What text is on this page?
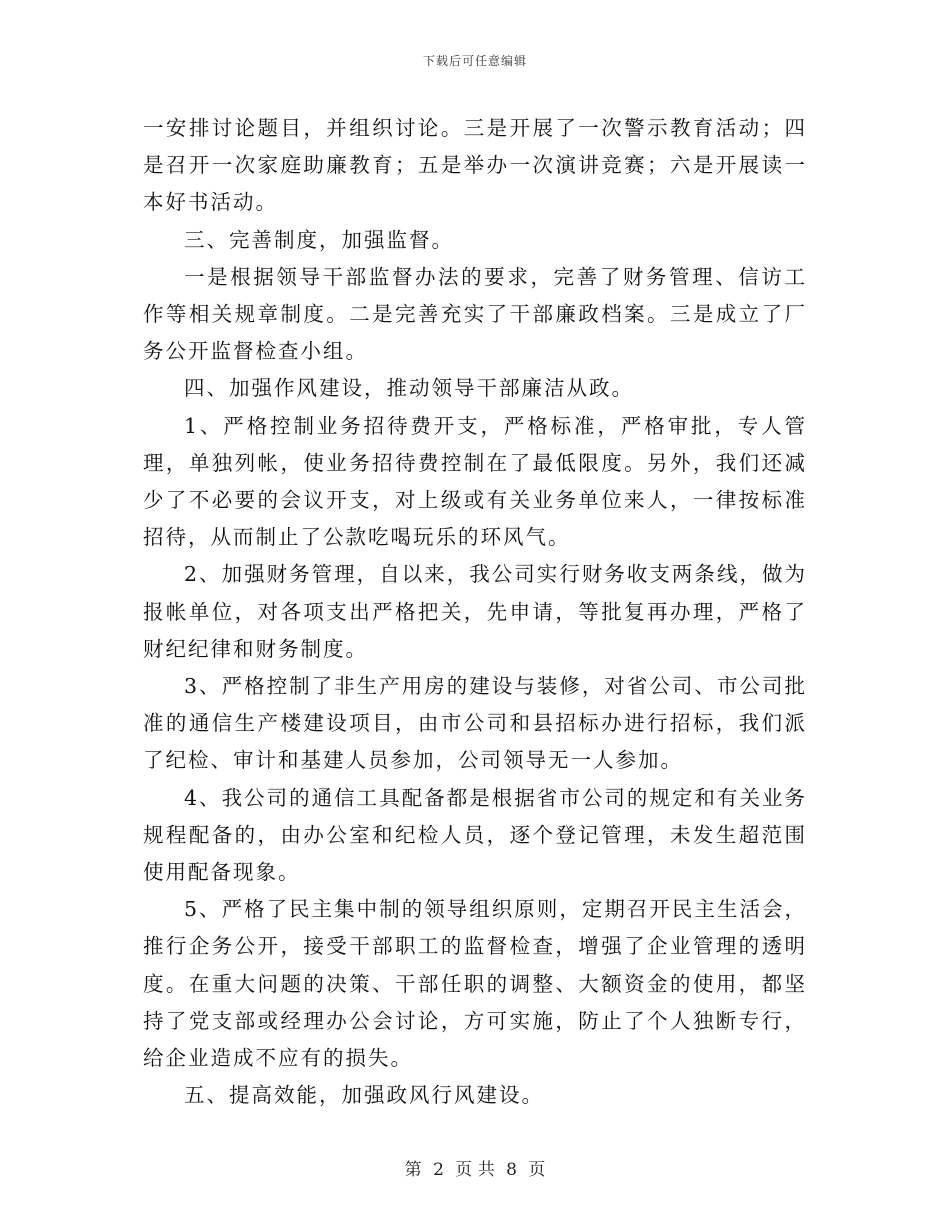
下载后可任意编辑

一安排讨论题目，并组织讨论。三是开展了一次警示教育活动；四是召开一次家庭助廉教育；五是举办一次演讲竞赛；六是开展读一本好书活动。

三、完善制度，加强监督。

一是根据领导干部监督办法的要求，完善了财务管理、信访工作等相关规章制度。二是完善充实了干部廉政档案。三是成立了厂务公开监督检查小组。

四、加强作风建设，推动领导干部廉洁从政。

1、严格控制业务招待费开支，严格标准，严格审批，专人管理，单独列帐，使业务招待费控制在了最低限度。另外，我们还减少了不必要的会议开支，对上级或有关业务单位来人，一律按标准招待，从而制止了公款吃喝玩乐的环风气。

2、加强财务管理，自以来，我公司实行财务收支两条线，做为报帐单位，对各项支出严格把关，先申请，等批复再办理，严格了财纪纪律和财务制度。

3、严格控制了非生产用房的建设与装修，对省公司、市公司批准的通信生产楼建设项目，由市公司和县招标办进行招标，我们派了纪检、审计和基建人员参加，公司领导无一人参加。

4、我公司的通信工具配备都是根据省市公司的规定和有关业务规程配备的，由办公室和纪检人员，逐个登记管理，未发生超范围使用配备现象。

5、严格了民主集中制的领导组织原则，定期召开民主生活会，推行企务公开，接受干部职工的监督检查，增强了企业管理的透明度。在重大问题的决策、干部任职的调整、大额资金的使用，都坚持了党支部或经理办公会讨论，方可实施，防止了个人独断专行，给企业造成不应有的损失。

五、提高效能，加强政风行风建设。

第 2 页 共 8 页
